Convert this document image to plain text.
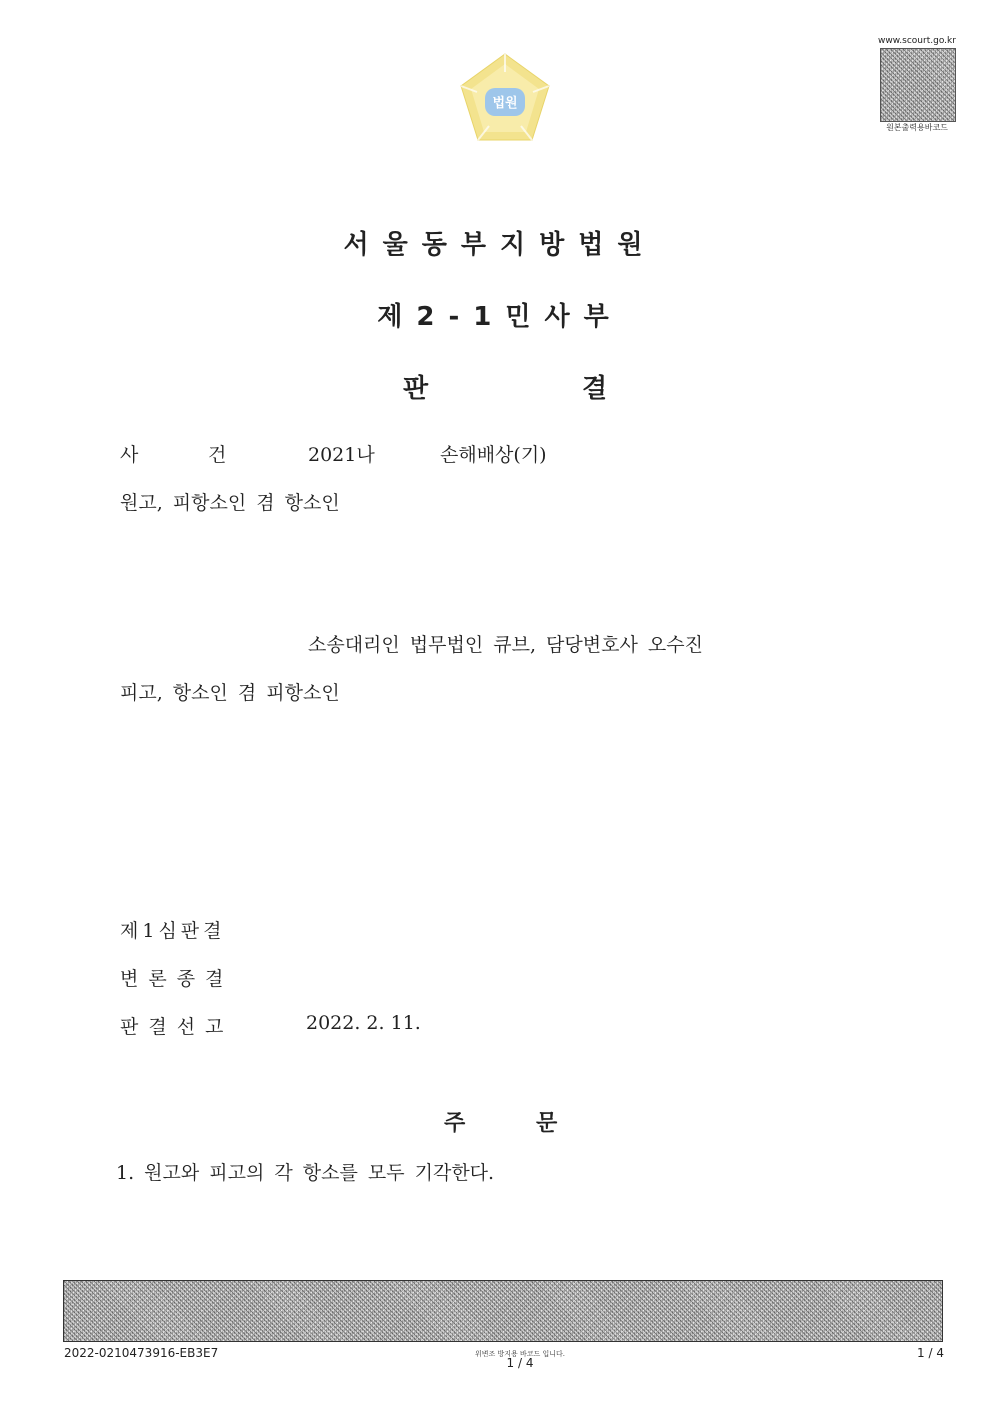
법원
www.scourt.go.kr
원본출력용바코드
서울동부지방법원
제2-1민사부
판	결
사	건	2021나	손해배상(기)
원고, 피항소인 겸 항소인
소송대리인 법무법인 큐브, 담당변호사 오수진
피고, 항소인 겸 피항소인
제1심판결
변론종결
판결선고	2022. 2. 11.
주	문
1. 원고와 피고의 각 항소를 모두 기각한다.
2022-0210473916-EB3E7	위변조 방지용 바코드 입니다.
1 / 4
1 / 4
